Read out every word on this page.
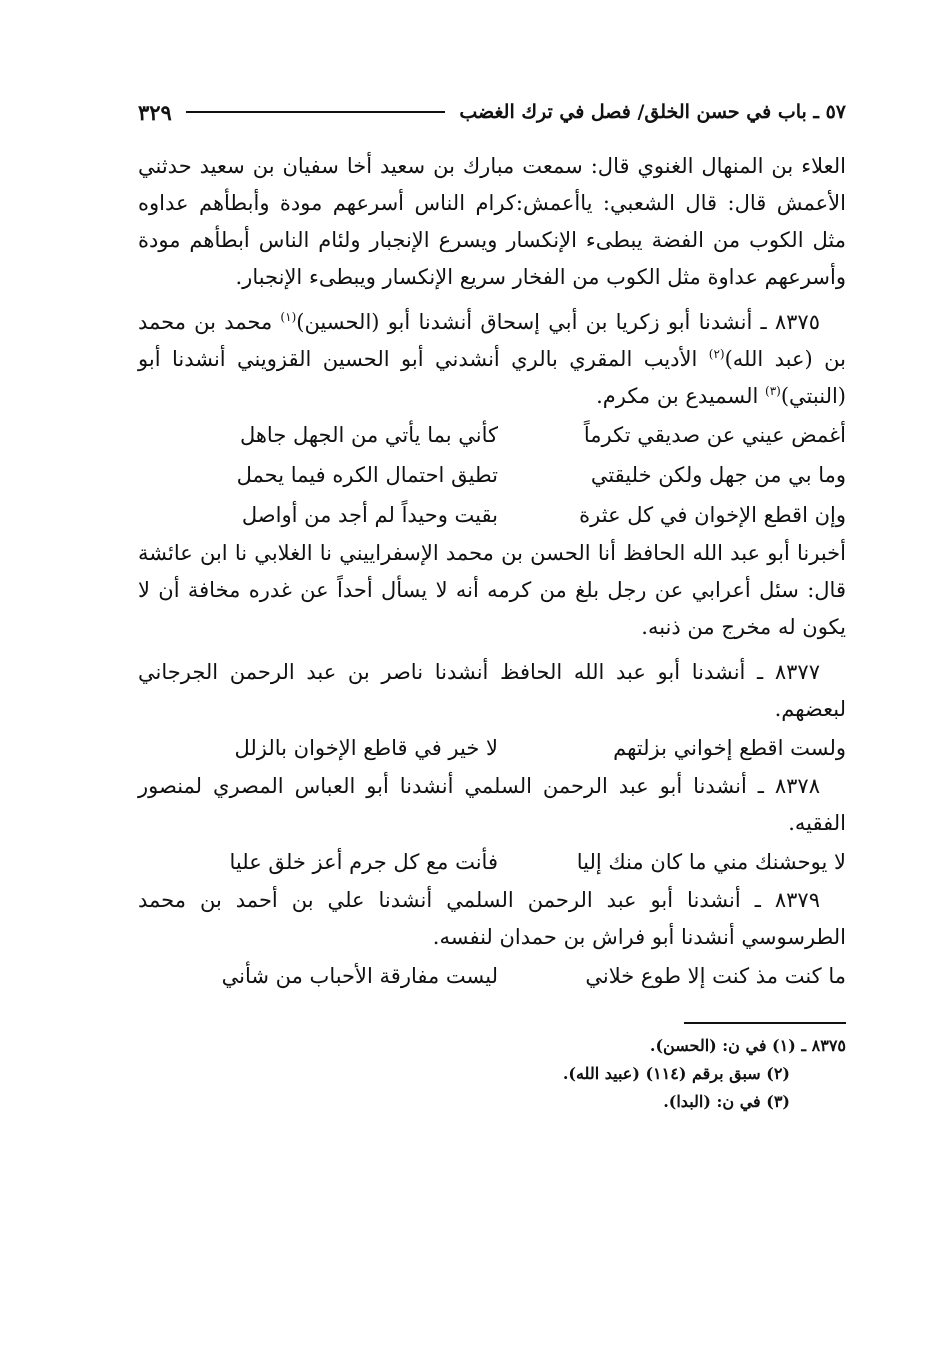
٥٧ ـ باب في حسن الخلق/ فصل في ترك الغضب
٣٢٩

العلاء بن المنهال الغنوي قال: سمعت مبارك بن سعيد أخا سفيان بن سعيد حدثني الأعمش قال: قال الشعبي: ياأعمش:كرام الناس أسرعهم مودة وأبطأهم عداوه مثل الكوب من الفضة يبطىء الإنكسار ويسرع الإنجبار ولئام الناس أبطأهم مودة وأسرعهم عداوة مثل الكوب من الفخار سريع الإنكسار ويبطىء الإنجبار.

٨٣٧٥ ـ أنشدنا أبو زكريا بن أبي إسحاق أنشدنا أبو (الحسين)$^{(١)}$ محمد بن محمد بن (عبد الله)$^{(٢)}$ الأديب المقري بالري أنشدني أبو الحسين القزويني أنشدنا أبو (النبتي)$^{(٣)}$ السميدع بن مكرم.

أغمض عيني عن صديقي تكرماً
كأني بما يأتي من الجهل جاهل
وما بي من جهل ولكن خليقتي
تطيق احتمال الكره فيما يحمل
وإن اقطع الإخوان في كل عثرة
بقيت وحيداً لم أجد من أواصل

أخبرنا أبو عبد الله الحافظ أنا الحسن بن محمد الإسفراييني نا الغلابي نا ابن عائشة قال: سئل أعرابي عن رجل بلغ من كرمه أنه لا يسأل أحداً عن غدره مخافة أن لا يكون له مخرج من ذنبه.

٨٣٧٧ ـ أنشدنا أبو عبد الله الحافظ أنشدنا ناصر بن عبد الرحمن الجرجاني لبعضهم.

ولست اقطع إخواني بزلتهم
لا خير في قاطع الإخوان بالزلل

٨٣٧٨ ـ أنشدنا أبو عبد الرحمن السلمي أنشدنا أبو العباس المصري لمنصور الفقيه.

لا يوحشنك مني ما كان منك إليا
فأنت مع كل جرم أعز خلق عليا

٨٣٧٩ ـ أنشدنا أبو عبد الرحمن السلمي أنشدنا علي بن أحمد بن محمد الطرسوسي أنشدنا أبو فراش بن حمدان لنفسه.

ما كنت مذ كنت إلا طوع خلاني
ليست مفارقة الأحباب من شأني
٨٣٧٥ ـ (١) في ن: (الحسن).
(٢) سبق برقم (١١٤) (عبيد الله).
(٣) في ن: (البدا).
